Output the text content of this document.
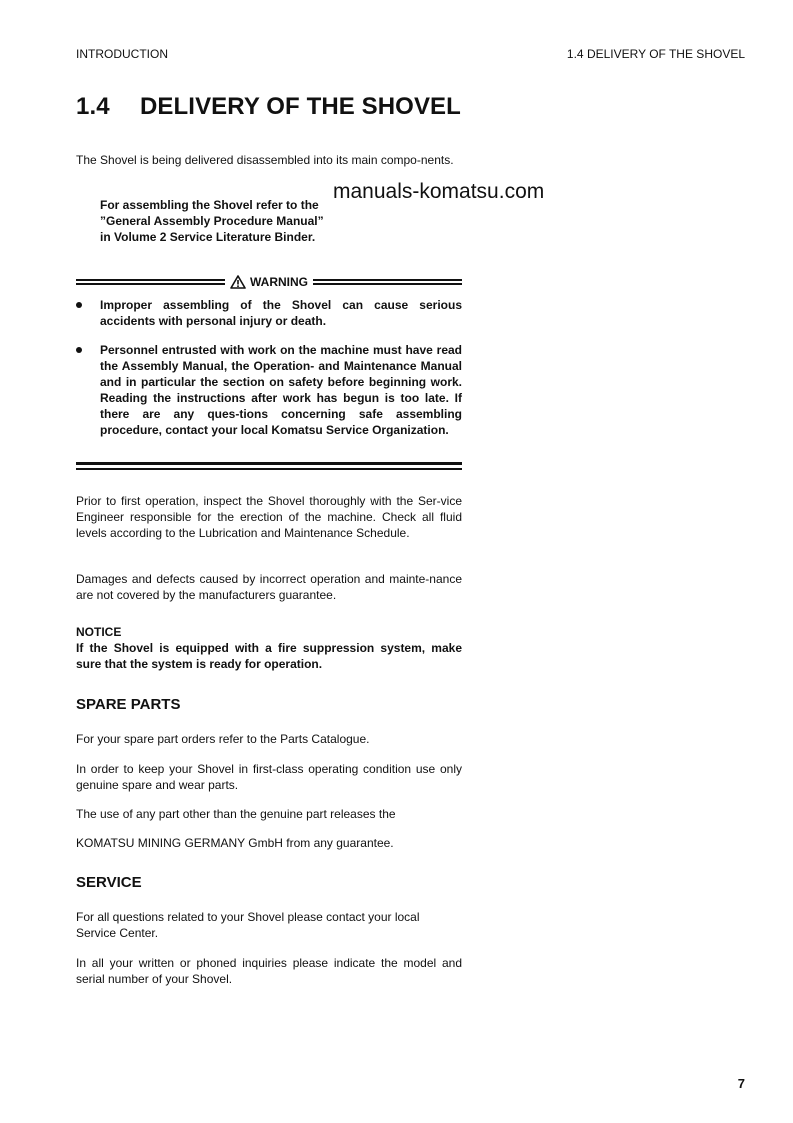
INTRODUCTION	1.4 DELIVERY OF THE SHOVEL
1.4 DELIVERY OF THE SHOVEL
The Shovel is being delivered disassembled into its main compo-nents.
For assembling the Shovel refer to the
”General Assembly Procedure Manual”
in Volume 2 Service Literature Binder.
manuals-komatsu.com
WARNING
Improper assembling of the Shovel can cause serious accidents with personal injury or death.
Personnel entrusted with work on the machine must have read the Assembly Manual, the Operation- and Maintenance Manual and in particular the section on safety before beginning work. Reading the instructions after work has begun is too late. If there are any ques-tions concerning safe assembling procedure, contact your local Komatsu Service Organization.
Prior to first operation, inspect the Shovel thoroughly with the Ser-vice Engineer responsible for the erection of the machine. Check all fluid levels according to the Lubrication and Maintenance Schedule.
Damages and defects caused by incorrect operation and mainte-nance are not covered by the manufacturers guarantee.
NOTICE
If the Shovel is equipped with a fire suppression system, make sure that the system is ready for operation.
SPARE PARTS
For your spare part orders refer to the Parts Catalogue.
In order to keep your Shovel in first-class operating condition use only genuine spare and wear parts.
The use of any part other than the genuine part releases the
KOMATSU MINING GERMANY GmbH from any guarantee.
SERVICE
For all questions related to your Shovel please contact your local Service Center.
In all your written or phoned inquiries please indicate the model and serial number of your Shovel.
7
